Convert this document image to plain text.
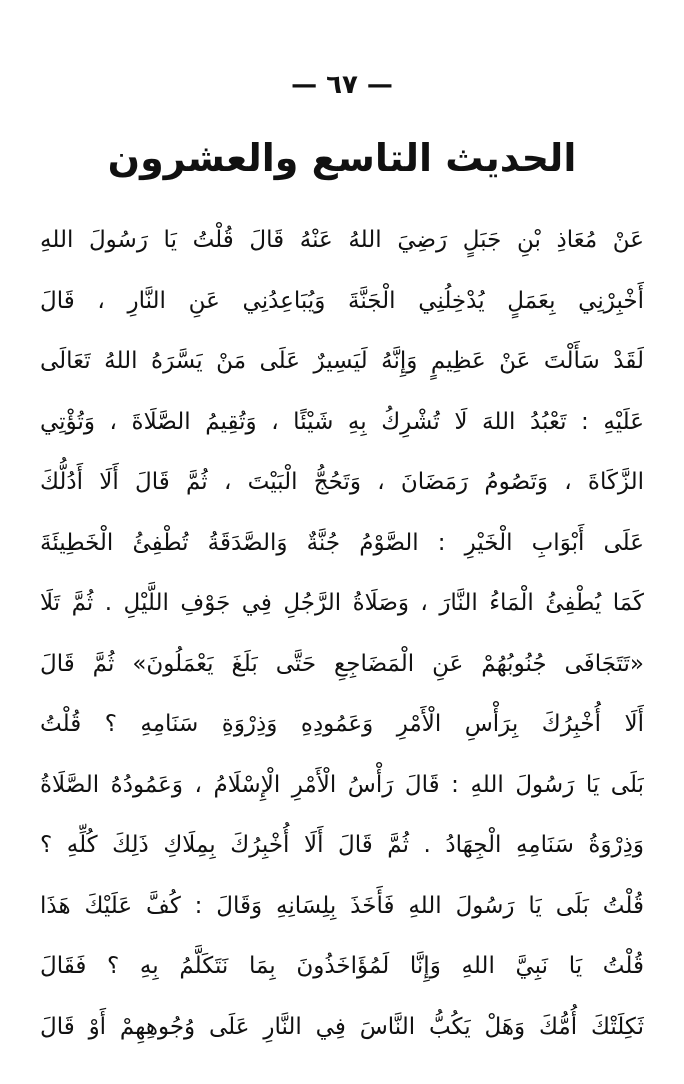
— ٦٧ —
الحديث التاسع والعشرون
عَنْ مُعَاذِ بْنِ جَبَلٍ رَضِيَ اللهُ عَنْهُ قَالَ قُلْتُ يَا رَسُولَ اللهِ
أَخْبِرْنِي بِعَمَلٍ يُدْخِلُنِي الْجَنَّةَ وَيُبَاعِدُنِي عَنِ النَّارِ ، قَالَ
لَقَدْ سَأَلْتَ عَنْ عَظِيمٍ وَإِنَّهُ لَيَسِيرٌ عَلَى مَنْ يَسَّرَهُ اللهُ تَعَالَى
عَلَيْهِ : تَعْبُدُ اللهَ لَا تُشْرِكُ بِهِ شَيْئًا ، وَتُقِيمُ الصَّلَاةَ ، وَتُؤْتِي
الزَّكَاةَ ، وَتَصُومُ رَمَضَانَ ، وَتَحُجُّ الْبَيْتَ ، ثُمَّ قَالَ أَلَا أَدُلُّكَ
عَلَى أَبْوَابِ الْخَيْرِ : الصَّوْمُ جُنَّةٌ وَالصَّدَقَةُ تُطْفِئُ الْخَطِيئَةَ
كَمَا يُطْفِئُ الْمَاءُ النَّارَ ، وَصَلَاةُ الرَّجُلِ فِي جَوْفِ اللَّيْلِ . ثُمَّ تَلَا
«تَتَجَافَى جُنُوبُهُمْ عَنِ الْمَضَاجِعِ حَتَّى بَلَغَ يَعْمَلُونَ» ثُمَّ قَالَ
أَلَا أُخْبِرُكَ بِرَأْسِ الْأَمْرِ وَعَمُودِهِ وَذِرْوَةِ سَنَامِهِ ؟ قُلْتُ
بَلَى يَا رَسُولَ اللهِ : قَالَ رَأْسُ الْأَمْرِ الْإِسْلَامُ ، وَعَمُودُهُ الصَّلَاةُ
وَذِرْوَةُ سَنَامِهِ الْجِهَادُ . ثُمَّ قَالَ أَلَا أُخْبِرُكَ بِمِلَاكِ ذَلِكَ كُلِّهِ ؟
قُلْتُ بَلَى يَا رَسُولَ اللهِ فَأَخَذَ بِلِسَانِهِ وَقَالَ : كُفَّ عَلَيْكَ هَذَا
قُلْتُ يَا نَبِيَّ اللهِ وَإِنَّا لَمُؤَاخَذُونَ بِمَا نَتَكَلَّمُ بِهِ ؟ فَقَالَ
ثَكِلَتْكَ أُمُّكَ وَهَلْ يَكُبُّ النَّاسَ فِي النَّارِ عَلَى وُجُوهِهِمْ أَوْ قَالَ
